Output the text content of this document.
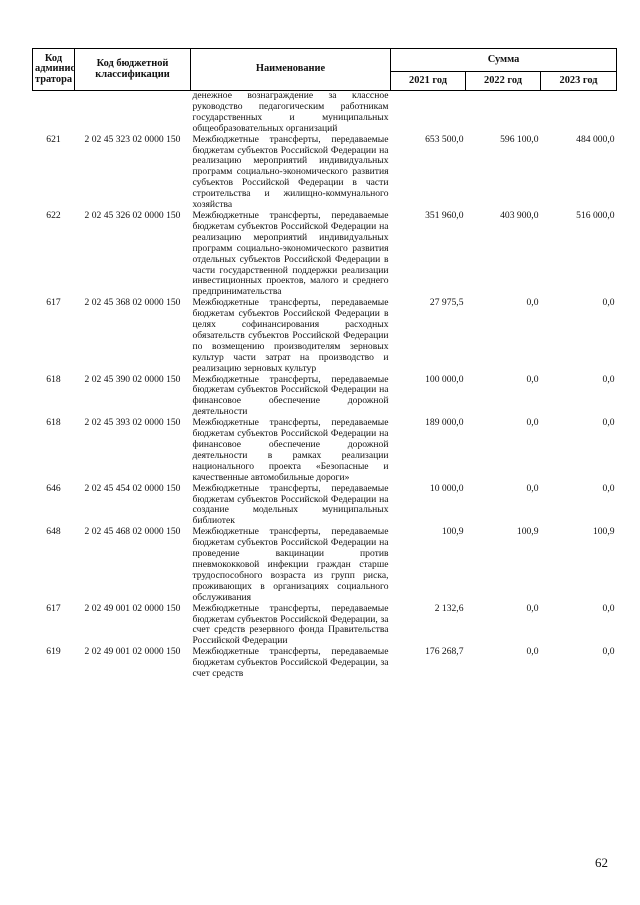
Код админис тратора	Код бюджетной классификации	Наименование	Сумма		
			2021 год	2022 год	2023 год
		денежное вознаграждение за классное руководство педагогическим работникам государственных и муниципальных общеобразовательных организаций			
621	2 02 45 323 02 0000 150	Межбюджетные трансферты, передаваемые бюджетам субъектов Российской Федерации на реализацию мероприятий индивидуальных программ социально-экономического развития субъектов Российской Федерации в части строительства и жилищно-коммунального хозяйства	653 500,0	596 100,0	484 000,0
622	2 02 45 326 02 0000 150	Межбюджетные трансферты, передаваемые бюджетам субъектов Российской Федерации на реализацию мероприятий индивидуальных программ социально-экономического развития отдельных субъектов Российской Федерации в части государственной поддержки реализации инвестиционных проектов, малого и среднего предпринимательства	351 960,0	403 900,0	516 000,0
617	2 02 45 368 02 0000 150	Межбюджетные трансферты, передаваемые бюджетам субъектов Российской Федерации в целях софинансирования расходных обязательств субъектов Российской Федерации по возмещению производителям зерновых культур части затрат на производство и реализацию зерновых культур	27 975,5	0,0	0,0
618	2 02 45 390 02 0000 150	Межбюджетные трансферты, передаваемые бюджетам субъектов Российской Федерации на финансовое обеспечение дорожной деятельности	100 000,0	0,0	0,0
618	2 02 45 393 02 0000 150	Межбюджетные трансферты, передаваемые бюджетам субъектов Российской Федерации на финансовое обеспечение дорожной деятельности в рамках реализации национального проекта «Безопасные и качественные автомобильные дороги»	189 000,0	0,0	0,0
646	2 02 45 454 02 0000 150	Межбюджетные трансферты, передаваемые бюджетам субъектов Российской Федерации на создание модельных муниципальных библиотек	10 000,0	0,0	0,0
648	2 02 45 468 02 0000 150	Межбюджетные трансферты, передаваемые бюджетам субъектов Российской Федерации на проведение вакцинации против пневмококковой инфекции граждан старше трудоспособного возраста из групп риска, проживающих в организациях социального обслуживания	100,9	100,9	100,9
617	2 02 49 001 02 0000 150	Межбюджетные трансферты, передаваемые бюджетам субъектов Российской Федерации, за счет средств резервного фонда Правительства Российской Федерации	2 132,6	0,0	0,0
619	2 02 49 001 02 0000 150	Межбюджетные трансферты, передаваемые бюджетам субъектов Российской Федерации, за счет средств	176 268,7	0,0	0,0
62
